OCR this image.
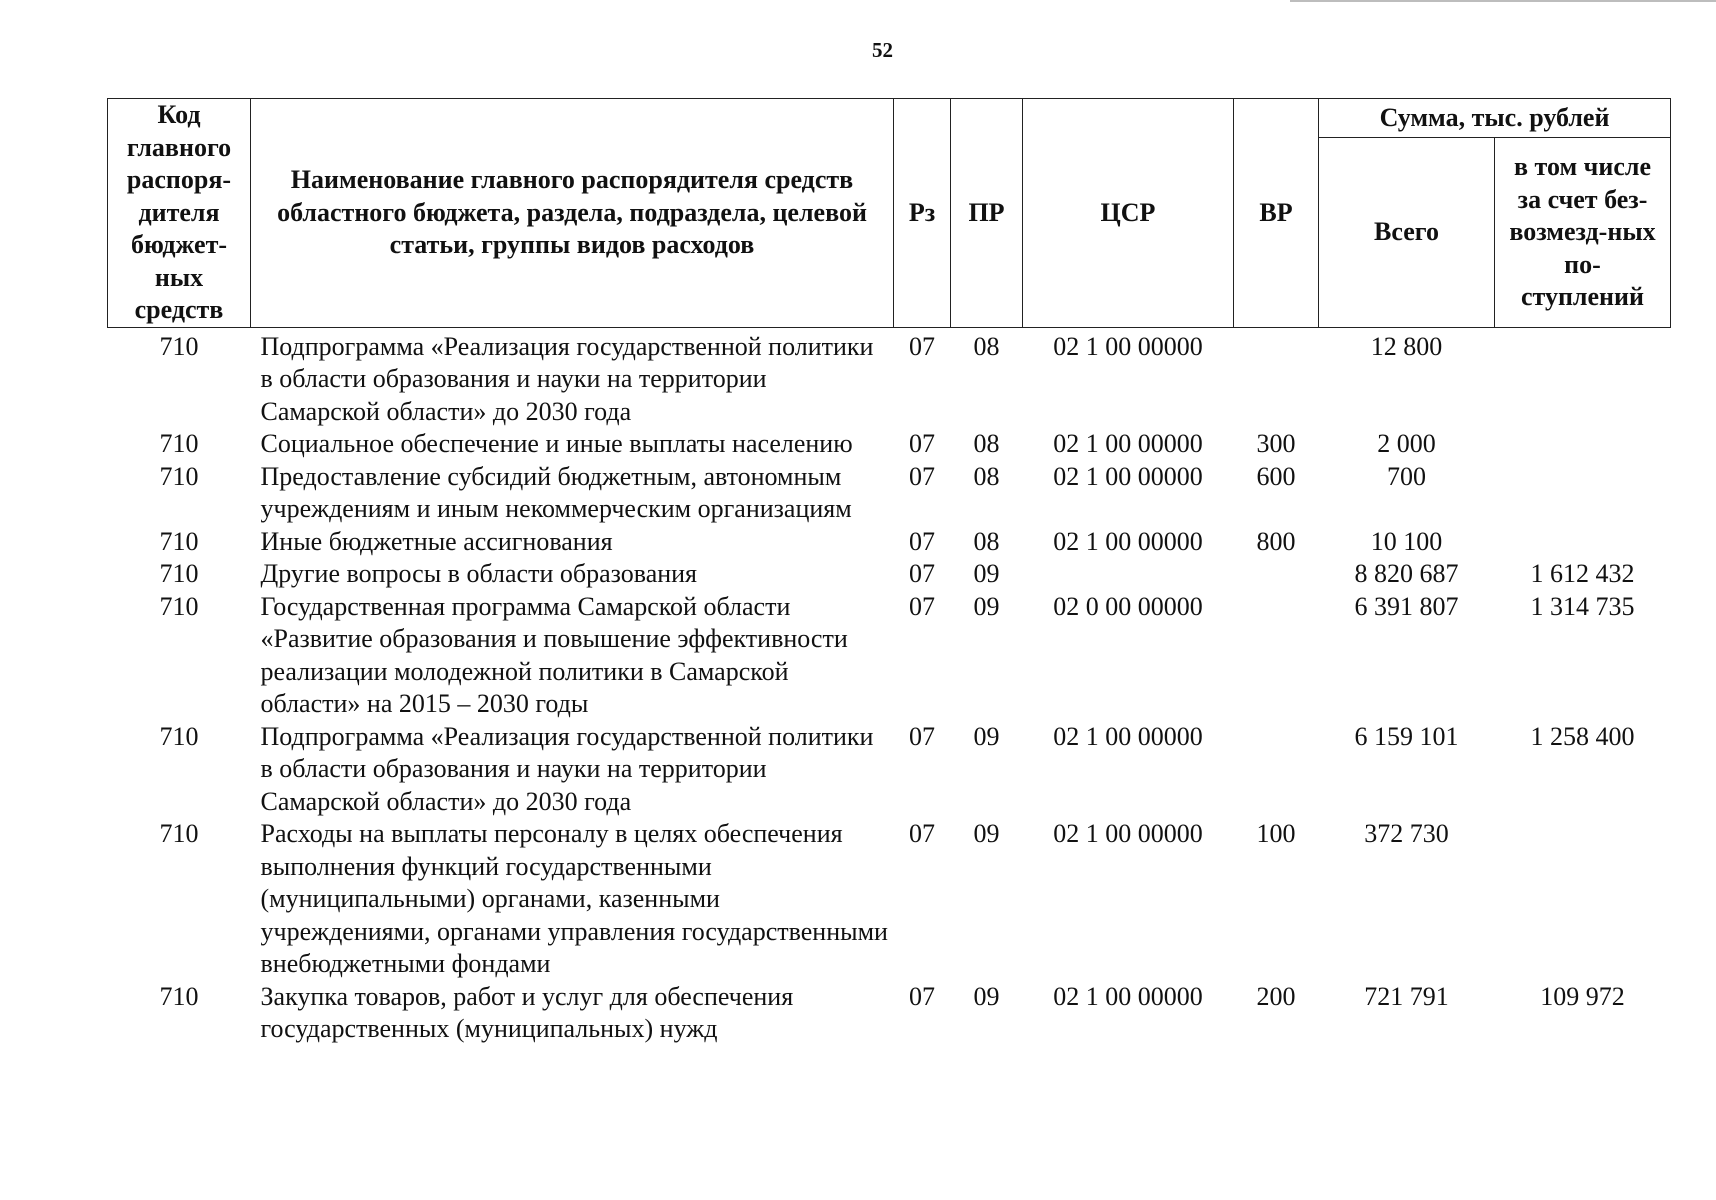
52
Код главного распоря-дителя бюджет-ных средств	Наименование главного распорядителя средств областного бюджета, раздела, подраздела, целевой статьи, группы видов расходов	Рз	ПР	ЦСР	ВР	Сумма, тыс. рублей	
						Всего	в том числе за счет без-возмезд-ных по-ступлений
710	Подпрограмма «Реализация государственной политики в области образования и науки на территории Самарской области» до 2030 года	07	08	02 1 00 00000		12 800	
710	Социальное обеспечение и иные выплаты населению	07	08	02 1 00 00000	300	2 000	
710	Предоставление субсидий бюджетным, автономным учреждениям и иным некоммерческим организациям	07	08	02 1 00 00000	600	700	
710	Иные бюджетные ассигнования	07	08	02 1 00 00000	800	10 100	
710	Другие вопросы в области образования	07	09			8 820 687	1 612 432
710	Государственная программа Самарской области «Развитие образования и повышение эффективности реализации молодежной политики в Самарской области» на 2015 – 2030 годы	07	09	02 0 00 00000		6 391 807	1 314 735
710	Подпрограмма «Реализация государственной политики в области образования и науки на территории Самарской области» до 2030 года	07	09	02 1 00 00000		6 159 101	1 258 400
710	Расходы на выплаты персоналу в целях обеспечения выполнения функций государственными (муниципальными) органами, казенными учреждениями, органами управления государственными внебюджетными фондами	07	09	02 1 00 00000	100	372 730	
710	Закупка товаров, работ и услуг для обеспечения государственных (муниципальных) нужд	07	09	02 1 00 00000	200	721 791	109 972
